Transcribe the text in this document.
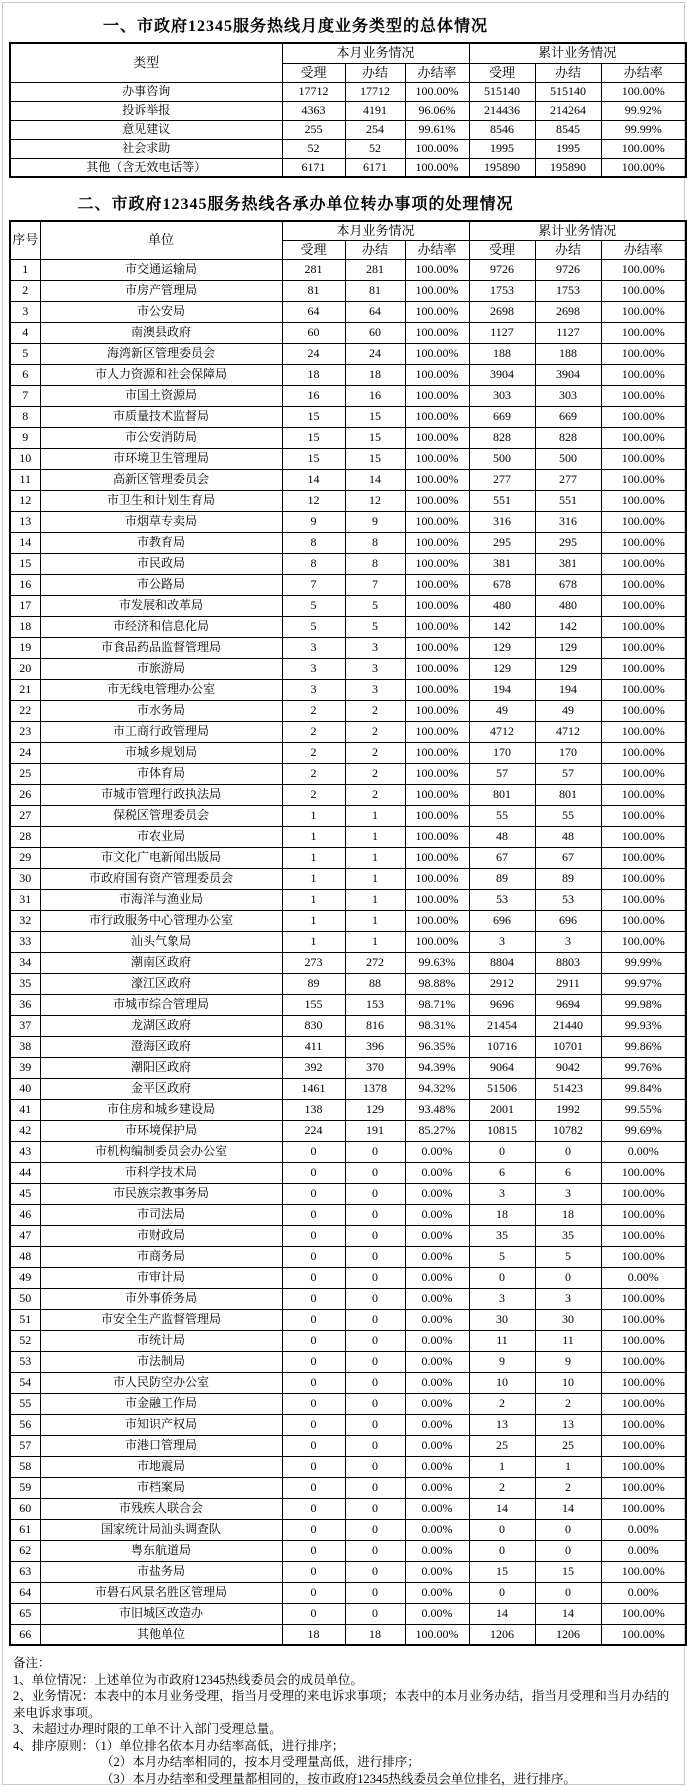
一、市政府12345服务热线月度业务类型的总体情况
类型	本月业务情况			累计业务情况		
	受理	办结	办结率	受理	办结	办结率
办事咨询	17712	17712	100.00%	515140	515140	100.00%
投诉举报	4363	4191	96.06%	214436	214264	99.92%
意见建议	255	254	99.61%	8546	8545	99.99%
社会求助	52	52	100.00%	1995	1995	100.00%
其他（含无效电话等）	6171	6171	100.00%	195890	195890	100.00%
二、市政府12345服务热线各承办单位转办事项的处理情况
序号	单位	本月业务情况			累计业务情况		
		受理	办结	办结率	受理	办结	办结率
1	市交通运输局	281	281	100.00%	9726	9726	100.00%
2	市房产管理局	81	81	100.00%	1753	1753	100.00%
3	市公安局	64	64	100.00%	2698	2698	100.00%
4	南澳县政府	60	60	100.00%	1127	1127	100.00%
5	海湾新区管理委员会	24	24	100.00%	188	188	100.00%
6	市人力资源和社会保障局	18	18	100.00%	3904	3904	100.00%
7	市国土资源局	16	16	100.00%	303	303	100.00%
8	市质量技术监督局	15	15	100.00%	669	669	100.00%
9	市公安消防局	15	15	100.00%	828	828	100.00%
10	市环境卫生管理局	15	15	100.00%	500	500	100.00%
11	高新区管理委员会	14	14	100.00%	277	277	100.00%
12	市卫生和计划生育局	12	12	100.00%	551	551	100.00%
13	市烟草专卖局	9	9	100.00%	316	316	100.00%
14	市教育局	8	8	100.00%	295	295	100.00%
15	市民政局	8	8	100.00%	381	381	100.00%
16	市公路局	7	7	100.00%	678	678	100.00%
17	市发展和改革局	5	5	100.00%	480	480	100.00%
18	市经济和信息化局	5	5	100.00%	142	142	100.00%
19	市食品药品监督管理局	3	3	100.00%	129	129	100.00%
20	市旅游局	3	3	100.00%	129	129	100.00%
21	市无线电管理办公室	3	3	100.00%	194	194	100.00%
22	市水务局	2	2	100.00%	49	49	100.00%
23	市工商行政管理局	2	2	100.00%	4712	4712	100.00%
24	市城乡规划局	2	2	100.00%	170	170	100.00%
25	市体育局	2	2	100.00%	57	57	100.00%
26	市城市管理行政执法局	2	2	100.00%	801	801	100.00%
27	保税区管理委员会	1	1	100.00%	55	55	100.00%
28	市农业局	1	1	100.00%	48	48	100.00%
29	市文化广电新闻出版局	1	1	100.00%	67	67	100.00%
30	市政府国有资产管理委员会	1	1	100.00%	89	89	100.00%
31	市海洋与渔业局	1	1	100.00%	53	53	100.00%
32	市行政服务中心管理办公室	1	1	100.00%	696	696	100.00%
33	汕头气象局	1	1	100.00%	3	3	100.00%
34	潮南区政府	273	272	99.63%	8804	8803	99.99%
35	濠江区政府	89	88	98.88%	2912	2911	99.97%
36	市城市综合管理局	155	153	98.71%	9696	9694	99.98%
37	龙湖区政府	830	816	98.31%	21454	21440	99.93%
38	澄海区政府	411	396	96.35%	10716	10701	99.86%
39	潮阳区政府	392	370	94.39%	9064	9042	99.76%
40	金平区政府	1461	1378	94.32%	51506	51423	99.84%
41	市住房和城乡建设局	138	129	93.48%	2001	1992	99.55%
42	市环境保护局	224	191	85.27%	10815	10782	99.69%
43	市机构编制委员会办公室	0	0	0.00%	0	0	0.00%
44	市科学技术局	0	0	0.00%	6	6	100.00%
45	市民族宗教事务局	0	0	0.00%	3	3	100.00%
46	市司法局	0	0	0.00%	18	18	100.00%
47	市财政局	0	0	0.00%	35	35	100.00%
48	市商务局	0	0	0.00%	5	5	100.00%
49	市审计局	0	0	0.00%	0	0	0.00%
50	市外事侨务局	0	0	0.00%	3	3	100.00%
51	市安全生产监督管理局	0	0	0.00%	30	30	100.00%
52	市统计局	0	0	0.00%	11	11	100.00%
53	市法制局	0	0	0.00%	9	9	100.00%
54	市人民防空办公室	0	0	0.00%	10	10	100.00%
55	市金融工作局	0	0	0.00%	2	2	100.00%
56	市知识产权局	0	0	0.00%	13	13	100.00%
57	市港口管理局	0	0	0.00%	25	25	100.00%
58	市地震局	0	0	0.00%	1	1	100.00%
59	市档案局	0	0	0.00%	2	2	100.00%
60	市残疾人联合会	0	0	0.00%	14	14	100.00%
61	国家统计局汕头调查队	0	0	0.00%	0	0	0.00%
62	粤东航道局	0	0	0.00%	0	0	0.00%
63	市盐务局	0	0	0.00%	15	15	100.00%
64	市礐石风景名胜区管理局	0	0	0.00%	0	0	0.00%
65	市旧城区改造办	0	0	0.00%	14	14	100.00%
66	其他单位	18	18	100.00%	1206	1206	100.00%
备注：
1、单位情况：上述单位为市政府12345热线委员会的成员单位。
2、业务情况：本表中的本月业务受理，指当月受理的来电诉求事项；本表中的本月业务办结，指当月受理和当月办结的来电诉求事项。
3、未超过办理时限的工单不计入部门受理总量。
4、排序原则：（1）单位排名依本月办结率高低，进行排序；
（2）本月办结率相同的，按本月受理量高低，进行排序；
（3）本月办结率和受理量都相同的，按市政府12345热线委员会单位排名，进行排序。
